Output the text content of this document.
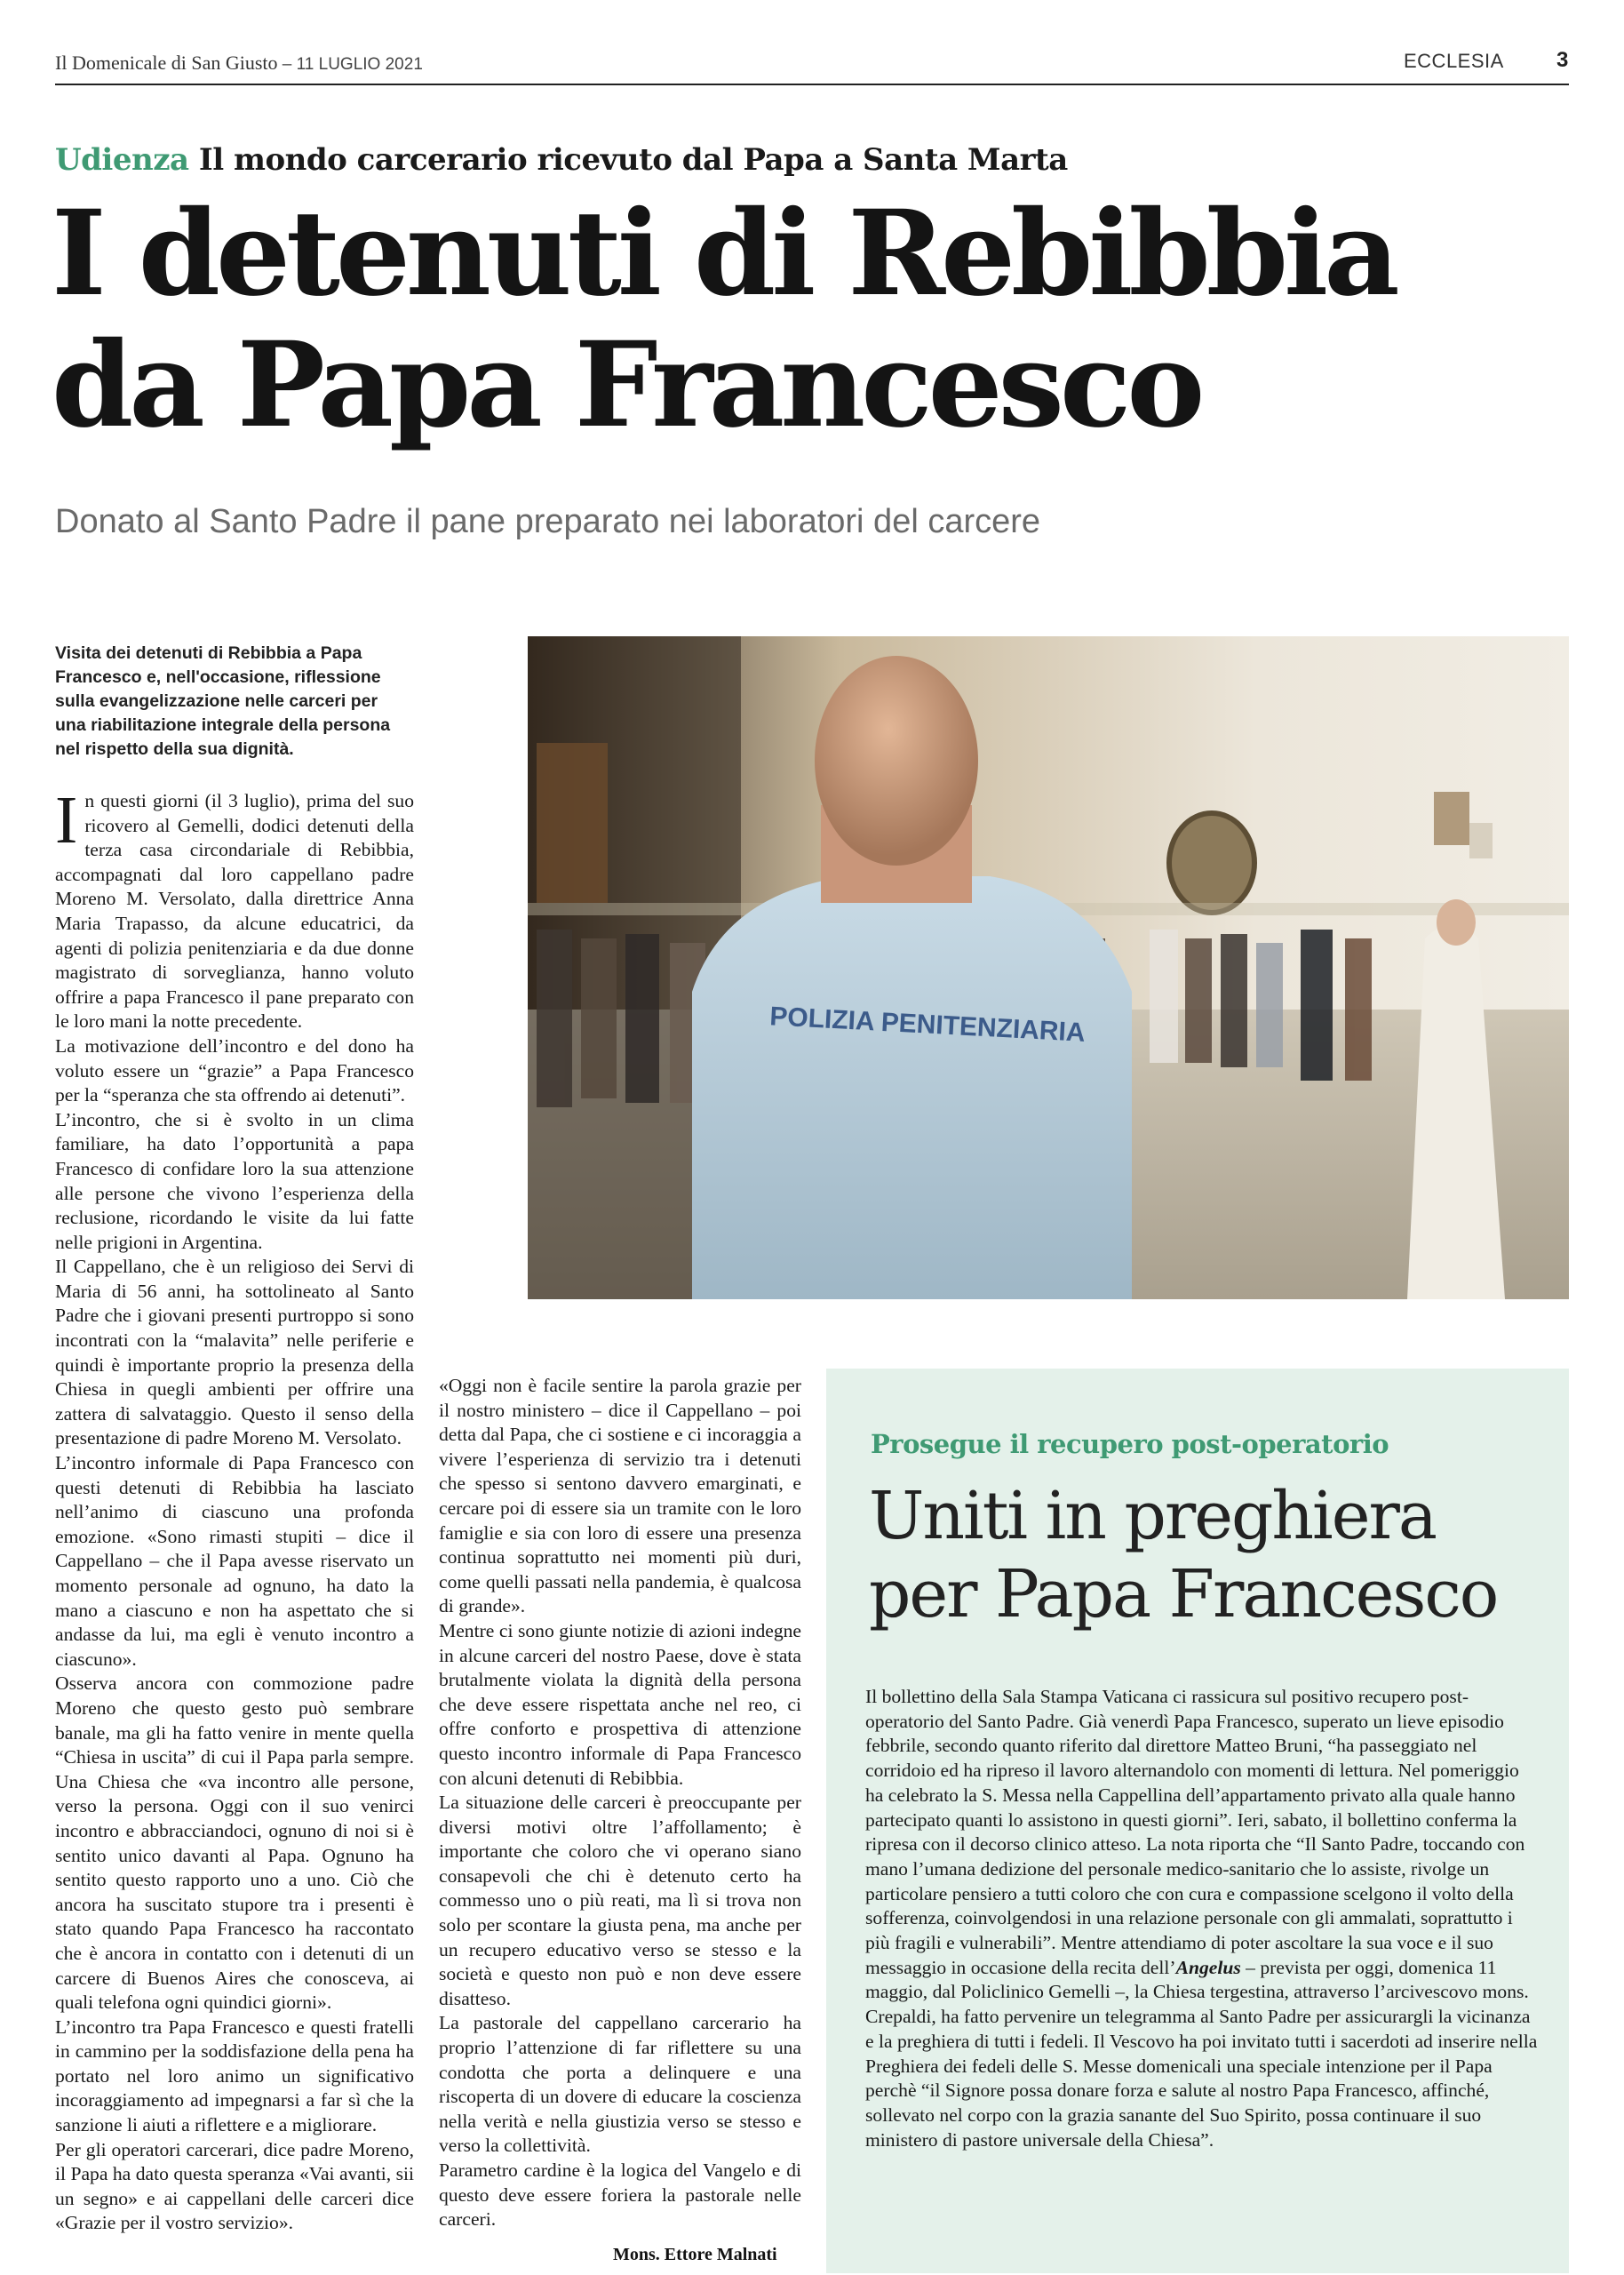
Il Domenicale di San Giusto – 11 LUGLIO 2021	ECCLESIA 3
Udienza Il mondo carcerario ricevuto dal Papa a Santa Marta
I detenuti di Rebibbia
da Papa Francesco
Donato al Santo Padre il pane preparato nei laboratori del carcere
Visita dei detenuti di Rebibbia a Papa Francesco e, nell'occasione, riflessione sulla evangelizzazione nelle carceri per una riabilitazione integrale della persona nel rispetto della sua dignità.
POLIZIA PENITENZIARIA

In questi giorni (il 3 luglio), prima del suo ricovero al Gemelli, dodici detenuti della terza casa circondariale di Rebibbia, accompagnati dal loro cappellano padre Moreno M. Versolato, dalla direttrice Anna Maria Trapasso, da alcune educatrici, da agenti di polizia penitenziaria e da due donne magistrato di sorveglianza, hanno voluto offrire a papa Francesco il pane preparato con le loro mani la notte precedente.

La motivazione dell’incontro e del dono ha voluto essere un “grazie” a Papa Francesco per la “speranza che sta offrendo ai detenuti”.

L’incontro, che si è svolto in un clima familiare, ha dato l’opportunità a papa Francesco di confidare loro la sua attenzione alle persone che vivono l’esperienza della reclusione, ricordando le visite da lui fatte nelle prigioni in Argentina.

Il Cappellano, che è un religioso dei Servi di Maria di 56 anni, ha sottolineato al Santo Padre che i giovani presenti purtroppo si sono incontrati con la “malavita” nelle periferie e quindi è importante proprio la presenza della Chiesa in quegli ambienti per offrire una zattera di salvataggio. Questo il senso della presentazione di padre Moreno M. Versolato.

L’incontro informale di Papa Francesco con questi detenuti di Rebibbia ha lasciato nell’animo di ciascuno una profonda emozione. «Sono rimasti stupiti – dice il Cappellano – che il Papa avesse riservato un momento personale ad ognuno, ha dato la mano a ciascuno e non ha aspettato che si andasse da lui, ma egli è venuto incontro a ciascuno».

Osserva ancora con commozione padre Moreno che questo gesto può sembrare banale, ma gli ha fatto venire in mente quella “Chiesa in uscita” di cui il Papa parla sempre. Una Chiesa che «va incontro alle persone, verso la persona. Oggi con il suo venirci incontro e abbracciandoci, ognuno di noi si è sentito unico davanti al Papa. Ognuno ha sentito questo rapporto uno a uno. Ciò che ancora ha suscitato stupore tra i presenti è stato quando Papa Francesco ha raccontato che è ancora in contatto con i detenuti di un carcere di Buenos Aires che conosceva, ai quali telefona ogni quindici giorni».

L’incontro tra Papa Francesco e questi fratelli in cammino per la soddisfazione della pena ha portato nel loro animo un significativo incoraggiamento ad impegnarsi a far sì che la sanzione li aiuti a riflettere e a migliorare.

Per gli operatori carcerari, dice padre Moreno, il Papa ha dato questa speranza «Vai avanti, sii un segno» e ai cappellani delle carceri dice «Grazie per il vostro servizio».

«Oggi non è facile sentire la parola grazie per il nostro ministero – dice il Cappellano – poi detta dal Papa, che ci sostiene e ci incoraggia a vivere l’esperienza di servizio tra i detenuti che spesso si sentono davvero emarginati, e cercare poi di essere sia un tramite con le loro famiglie e sia con loro di essere una presenza continua soprattutto nei momenti più duri, come quelli passati nella pandemia, è qualcosa di grande».

Mentre ci sono giunte notizie di azioni indegne in alcune carceri del nostro Paese, dove è stata brutalmente violata la dignità della persona che deve essere rispettata anche nel reo, ci offre conforto e prospettiva di attenzione questo incontro informale di Papa Francesco con alcuni detenuti di Rebibbia.

La situazione delle carceri è preoccupante per diversi motivi oltre l’affollamento; è importante che coloro che vi operano siano consapevoli che chi è detenuto certo ha commesso uno o più reati, ma lì si trova non solo per scontare la giusta pena, ma anche per un recupero educativo verso se stesso e la società e questo non può e non deve essere disatteso.

La pastorale del cappellano carcerario ha proprio l’attenzione di far riflettere su una condotta che porta a delinquere e una riscoperta di un dovere di educare la coscienza nella verità e nella giustizia verso se stesso e verso la collettività.

Parametro cardine è la logica del Vangelo e di questo deve essere foriera la pastorale nelle carceri.

Mons. Ettore Malnati
Prosegue il recupero post-operatorio
Uniti in preghiera
per Papa Francesco

Il bollettino della Sala Stampa Vaticana ci rassicura sul positivo recupero post-operatorio del Santo Padre. Già venerdì Papa Francesco, superato un lieve episodio febbrile, secondo quanto riferito dal direttore Matteo Bruni, “ha passeggiato nel corridoio ed ha ripreso il lavoro alternandolo con momenti di lettura. Nel pomeriggio ha celebrato la S. Messa nella Cappellina dell’appartamento privato alla quale hanno partecipato quanti lo assistono in questi giorni”. Ieri, sabato, il bollettino conferma la ripresa con il decorso clinico atteso. La nota riporta che “Il Santo Padre, toccando con mano l’umana dedizione del personale medico-sanitario che lo assiste, rivolge un particolare pensiero a tutti coloro che con cura e compassione scelgono il volto della sofferenza, coinvolgendosi in una relazione personale con gli ammalati, soprattutto i più fragili e vulnerabili”. Mentre attendiamo di poter ascoltare la sua voce e il suo messaggio in occasione della recita dell’Angelus – prevista per oggi, domenica 11 maggio, dal Policlinico Gemelli –, la Chiesa tergestina, attraverso l’arcivescovo mons. Crepaldi, ha fatto pervenire un telegramma al Santo Padre per assicurargli la vicinanza e la preghiera di tutti i fedeli. Il Vescovo ha poi invitato tutti i sacerdoti ad inserire nella Preghiera dei fedeli delle S. Messe domenicali una speciale intenzione per il Papa perchè “il Signore possa donare forza e salute al nostro Papa Francesco, affinché, sollevato nel corpo con la grazia sanante del Suo Spirito, possa continuare il suo ministero di pastore universale della Chiesa”.
